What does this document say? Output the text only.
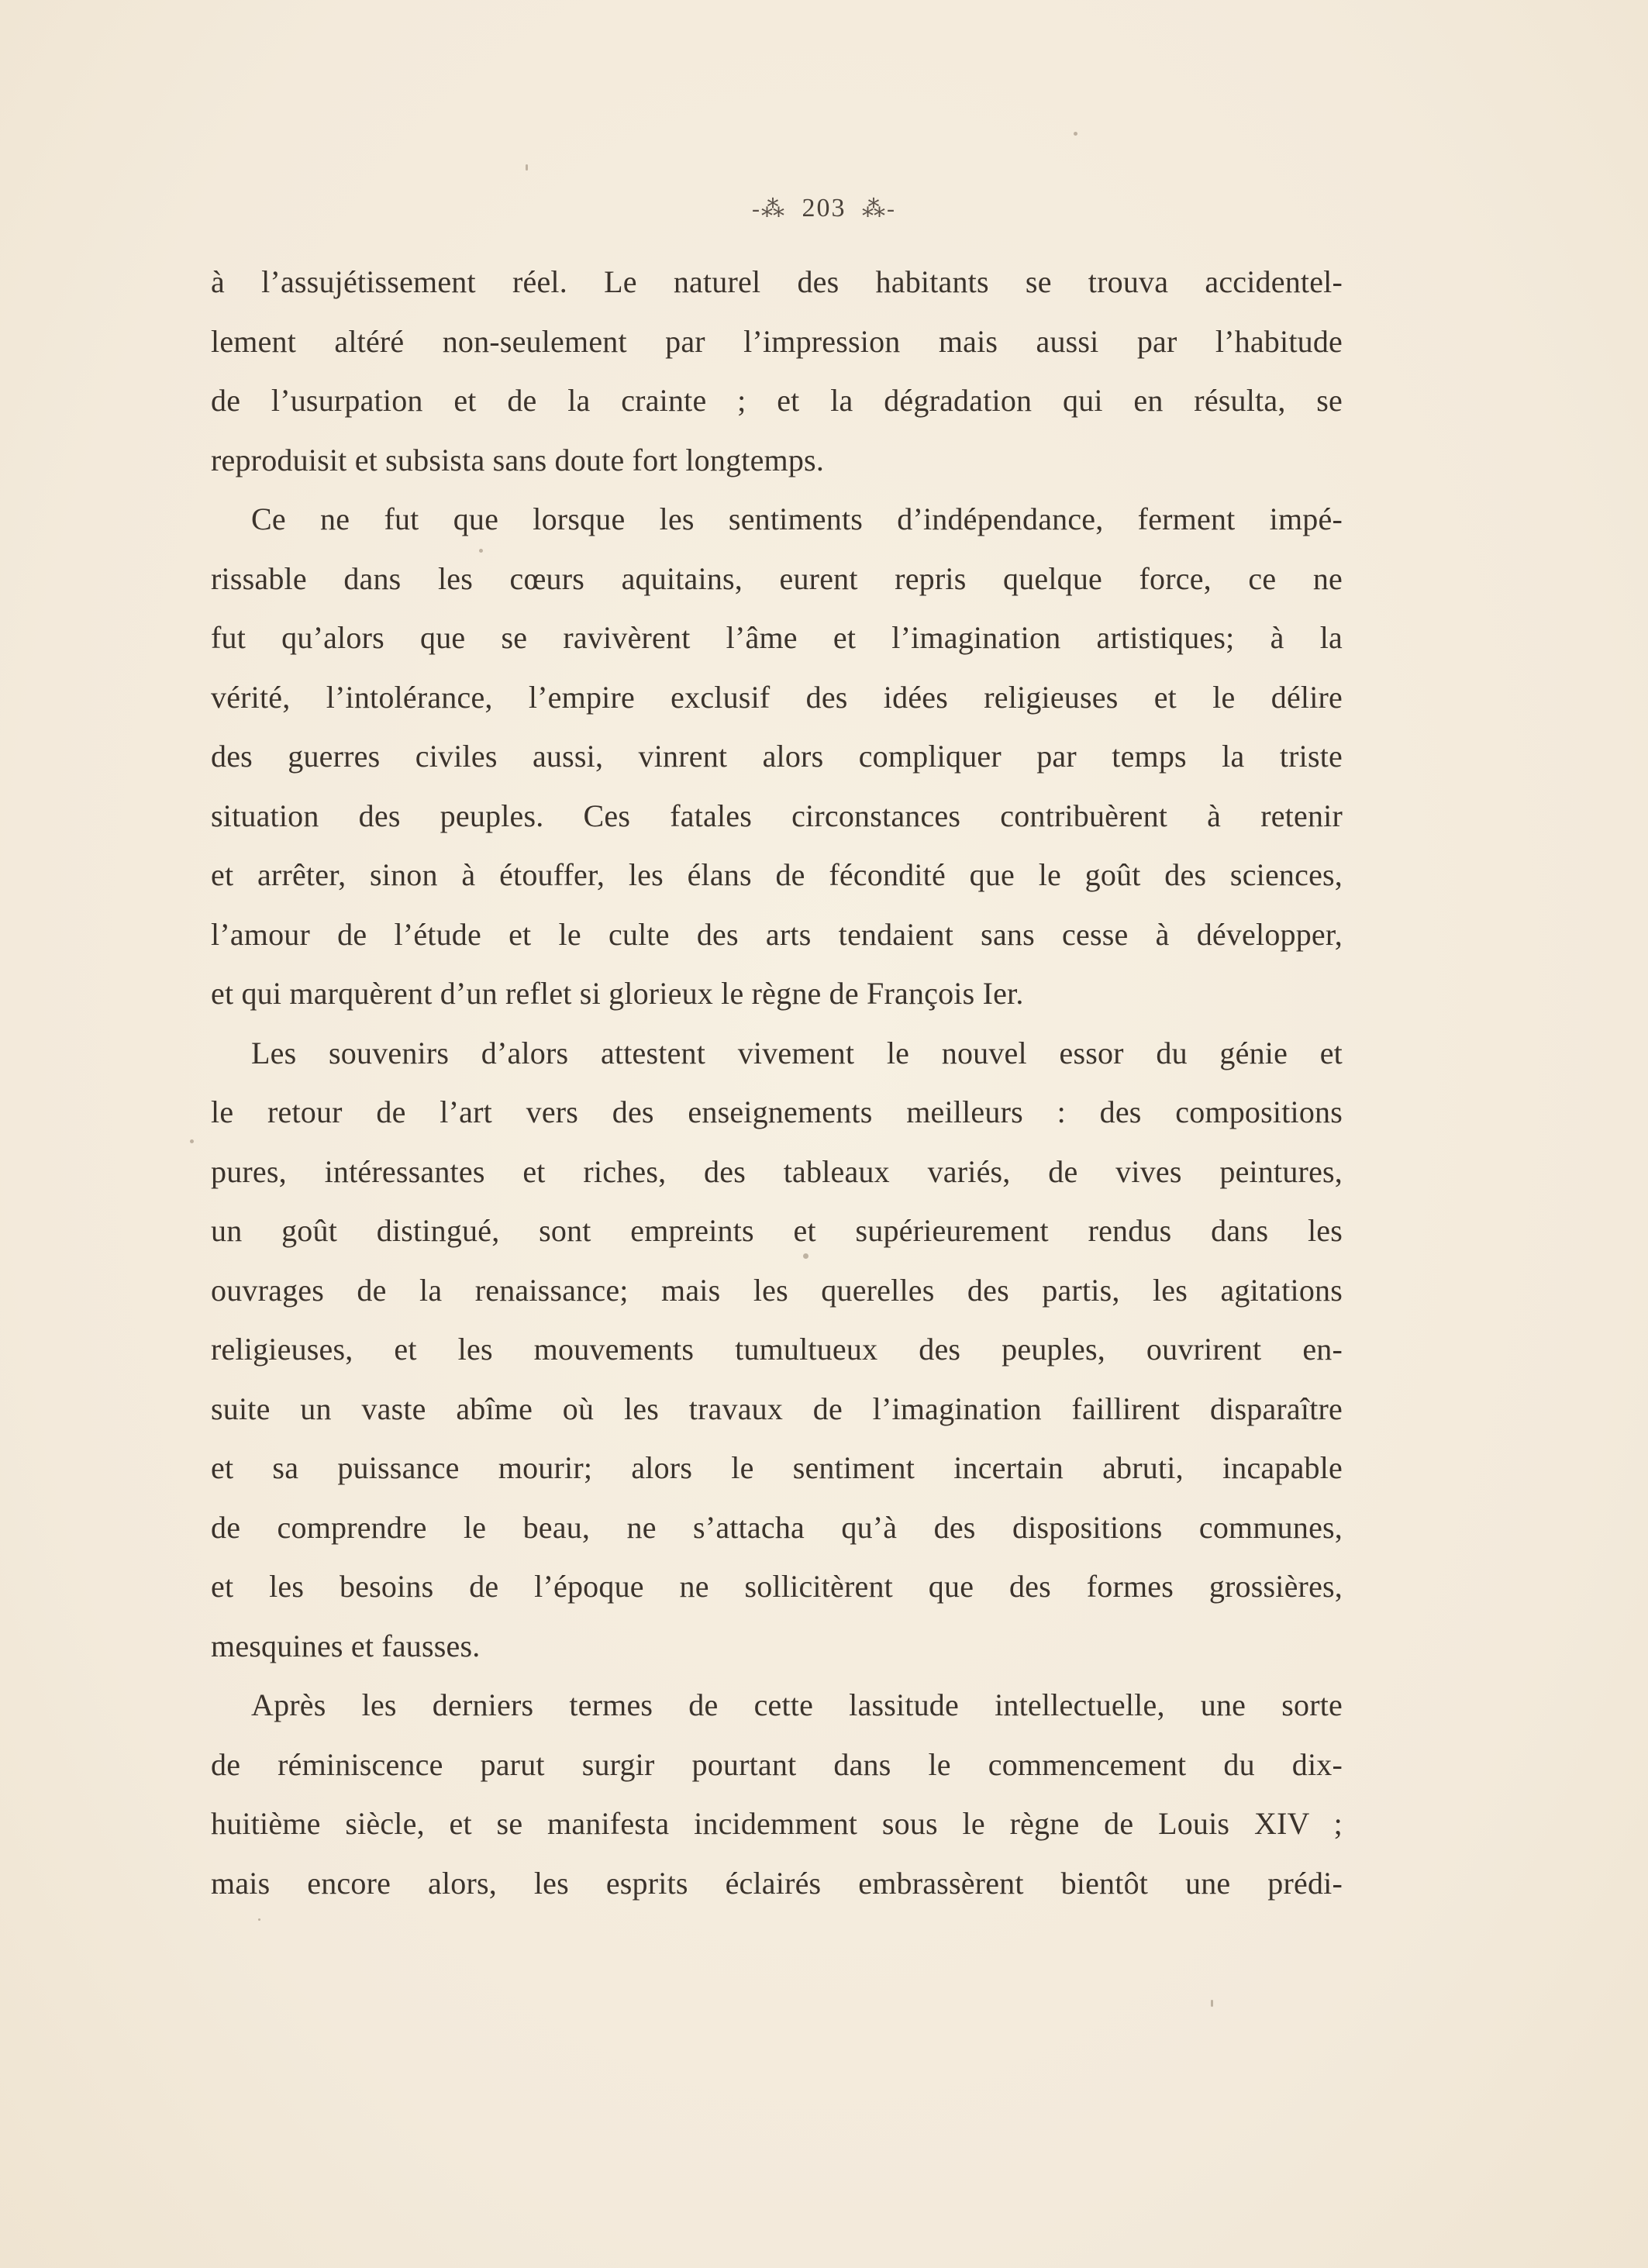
-⁂ 203 ⁂-
à l’assujétissement réel. Le naturel des habitants se trouva accidentel-
lement altéré non-seulement par l’impression mais aussi par l’habitude
de l’usurpation et de la crainte ; et la dégradation qui en résulta, se
reproduisit et subsista sans doute fort longtemps.
Ce ne fut que lorsque les sentiments d’indépendance, ferment impé-
rissable dans les cœurs aquitains, eurent repris quelque force, ce ne
fut qu’alors que se ravivèrent l’âme et l’imagination artistiques; à la
vérité, l’intolérance, l’empire exclusif des idées religieuses et le délire
des guerres civiles aussi, vinrent alors compliquer par temps la triste
situation des peuples. Ces fatales circonstances contribuèrent à retenir
et arrêter, sinon à étouffer, les élans de fécondité que le goût des sciences,
l’amour de l’étude et le culte des arts tendaient sans cesse à développer,
et qui marquèrent d’un reflet si glorieux le règne de François Ier.
Les souvenirs d’alors attestent vivement le nouvel essor du génie et
le retour de l’art vers des enseignements meilleurs : des compositions
pures, intéressantes et riches, des tableaux variés, de vives peintures,
un goût distingué, sont empreints et supérieurement rendus dans les
ouvrages de la renaissance; mais les querelles des partis, les agitations
religieuses, et les mouvements tumultueux des peuples, ouvrirent en-
suite un vaste abîme où les travaux de l’imagination faillirent disparaître
et sa puissance mourir; alors le sentiment incertain abruti, incapable
de comprendre le beau, ne s’attacha qu’à des dispositions communes,
et les besoins de l’époque ne sollicitèrent que des formes grossières,
mesquines et fausses.
Après les derniers termes de cette lassitude intellectuelle, une sorte
de réminiscence parut surgir pourtant dans le commencement du dix-
huitième siècle, et se manifesta incidemment sous le règne de Louis XIV ;
mais encore alors, les esprits éclairés embrassèrent bientôt une prédi-
